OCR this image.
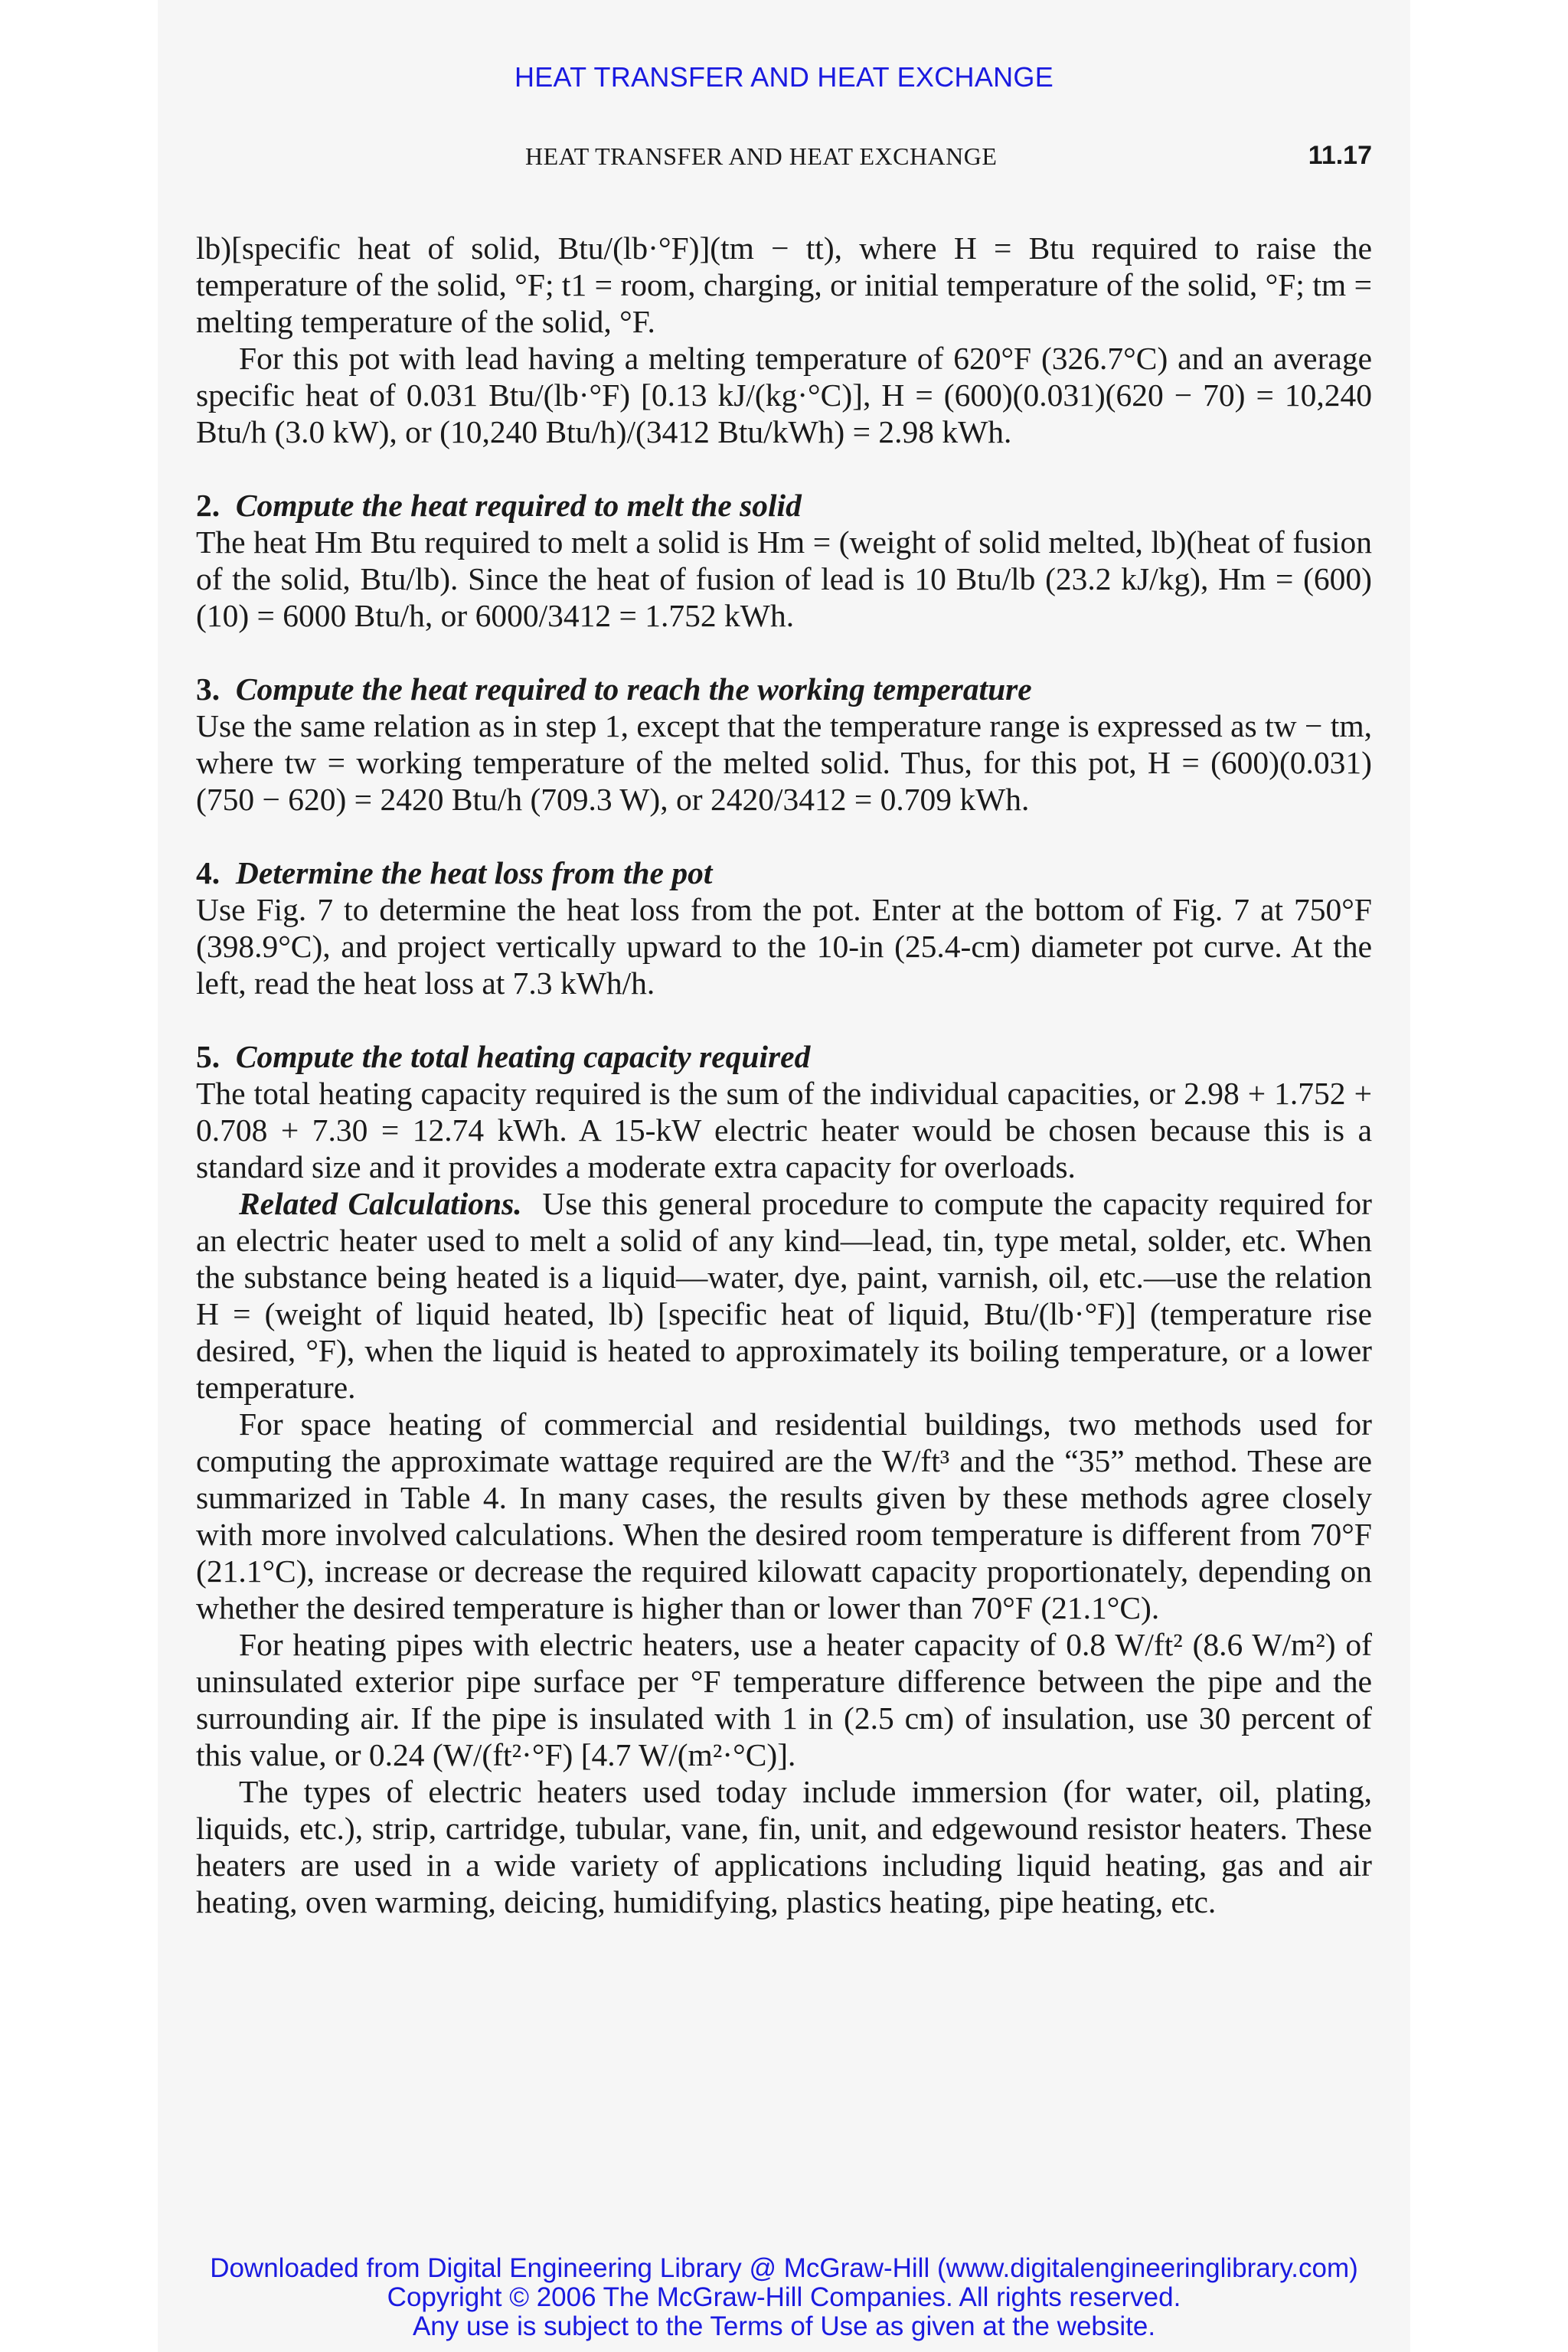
HEAT TRANSFER AND HEAT EXCHANGE
HEAT TRANSFER AND HEAT EXCHANGE	11.17

lb)[specific heat of solid, Btu/(lb·°F)](tm − tt), where H = Btu required to raise the temperature of the solid, °F; t1 = room, charging, or initial temperature of the solid, °F; tm = melting temperature of the solid, °F.

For this pot with lead having a melting temperature of 620°F (326.7°C) and an average specific heat of 0.031 Btu/(lb·°F) [0.13 kJ/(kg·°C)], H = (600)(0.031)(620 − 70) = 10,240 Btu/h (3.0 kW), or (10,240 Btu/h)/(3412 Btu/kWh) = 2.98 kWh.

2. Compute the heat required to melt the solid

The heat Hm Btu required to melt a solid is Hm = (weight of solid melted, lb)(heat of fusion of the solid, Btu/lb). Since the heat of fusion of lead is 10 Btu/lb (23.2 kJ/kg), Hm = (600)(10) = 6000 Btu/h, or 6000/3412 = 1.752 kWh.

3. Compute the heat required to reach the working temperature

Use the same relation as in step 1, except that the temperature range is expressed as tw − tm, where tw = working temperature of the melted solid. Thus, for this pot, H = (600)(0.031)(750 − 620) = 2420 Btu/h (709.3 W), or 2420/3412 = 0.709 kWh.

4. Determine the heat loss from the pot

Use Fig. 7 to determine the heat loss from the pot. Enter at the bottom of Fig. 7 at 750°F (398.9°C), and project vertically upward to the 10-in (25.4-cm) diameter pot curve. At the left, read the heat loss at 7.3 kWh/h.

5. Compute the total heating capacity required

The total heating capacity required is the sum of the individual capacities, or 2.98 + 1.752 + 0.708 + 7.30 = 12.74 kWh. A 15-kW electric heater would be chosen because this is a standard size and it provides a moderate extra capacity for overloads.

Related Calculations. Use this general procedure to compute the capacity required for an electric heater used to melt a solid of any kind—lead, tin, type metal, solder, etc. When the substance being heated is a liquid—water, dye, paint, varnish, oil, etc.—use the relation H = (weight of liquid heated, lb) [specific heat of liquid, Btu/(lb·°F)] (temperature rise desired, °F), when the liquid is heated to approximately its boiling temperature, or a lower temperature.

For space heating of commercial and residential buildings, two methods used for computing the approximate wattage required are the W/ft³ and the “35” method. These are summarized in Table 4. In many cases, the results given by these methods agree closely with more involved calculations. When the desired room temperature is different from 70°F (21.1°C), increase or decrease the required kilowatt capacity proportionately, depending on whether the desired temperature is higher than or lower than 70°F (21.1°C).

For heating pipes with electric heaters, use a heater capacity of 0.8 W/ft² (8.6 W/m²) of uninsulated exterior pipe surface per °F temperature difference between the pipe and the surrounding air. If the pipe is insulated with 1 in (2.5 cm) of insulation, use 30 percent of this value, or 0.24 (W/(ft²·°F) [4.7 W/(m²·°C)].

The types of electric heaters used today include immersion (for water, oil, plating, liquids, etc.), strip, cartridge, tubular, vane, fin, unit, and edgewound resistor heaters. These heaters are used in a wide variety of applications including liquid heating, gas and air heating, oven warming, deicing, humidifying, plastics heating, pipe heating, etc.

Downloaded from Digital Engineering Library @ McGraw-Hill (www.digitalengineeringlibrary.com)
Copyright © 2006 The McGraw-Hill Companies. All rights reserved.
Any use is subject to the Terms of Use as given at the website.
